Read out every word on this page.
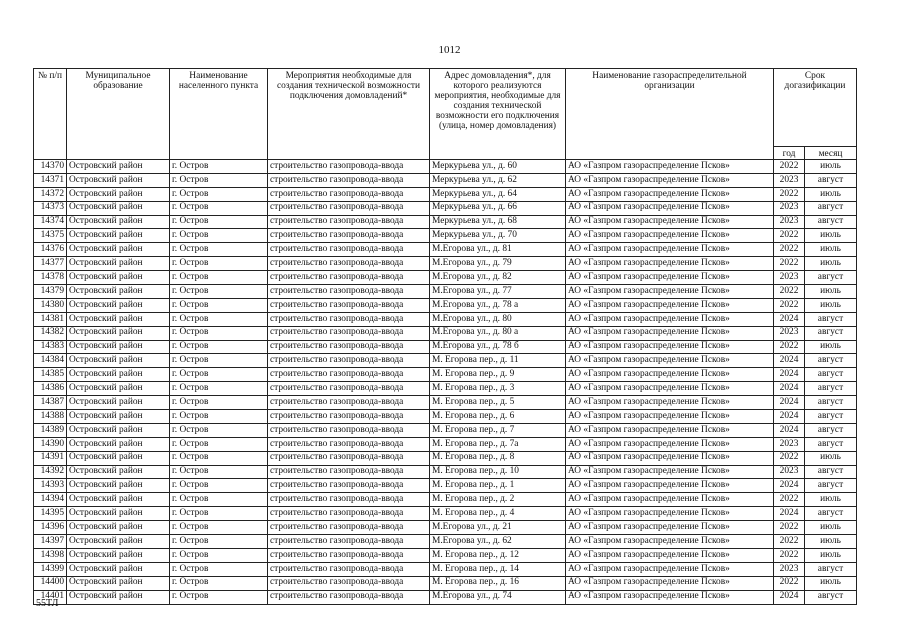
1012
№ п/п	Муниципальное образование	Наименование населенного пункта	Мероприятия необходимые для создания технической возможности подключения домовладений*	Адрес домовладения*, для которого реализуются мероприятия, необходимые для создания технической возможности его подключения (улица, номер домовладения)	Наименование газораспределительной организации	Срок догазификации	
						год	месяц
14370	Островский район	г. Остров	строительство газопровода-ввода	Меркурьева ул., д. 60	АО «Газпром газораспределение Псков»	2022	июль
14371	Островский район	г. Остров	строительство газопровода-ввода	Меркурьева ул., д. 62	АО «Газпром газораспределение Псков»	2023	август
14372	Островский район	г. Остров	строительство газопровода-ввода	Меркурьева ул., д. 64	АО «Газпром газораспределение Псков»	2022	июль
14373	Островский район	г. Остров	строительство газопровода-ввода	Меркурьева ул., д. 66	АО «Газпром газораспределение Псков»	2023	август
14374	Островский район	г. Остров	строительство газопровода-ввода	Меркурьева ул., д. 68	АО «Газпром газораспределение Псков»	2023	август
14375	Островский район	г. Остров	строительство газопровода-ввода	Меркурьева ул., д. 70	АО «Газпром газораспределение Псков»	2022	июль
14376	Островский район	г. Остров	строительство газопровода-ввода	М.Егорова ул., д. 81	АО «Газпром газораспределение Псков»	2022	июль
14377	Островский район	г. Остров	строительство газопровода-ввода	М.Егорова ул., д. 79	АО «Газпром газораспределение Псков»	2022	июль
14378	Островский район	г. Остров	строительство газопровода-ввода	М.Егорова ул., д. 82	АО «Газпром газораспределение Псков»	2023	август
14379	Островский район	г. Остров	строительство газопровода-ввода	М.Егорова ул., д. 77	АО «Газпром газораспределение Псков»	2022	июль
14380	Островский район	г. Остров	строительство газопровода-ввода	М.Егорова ул., д. 78 а	АО «Газпром газораспределение Псков»	2022	июль
14381	Островский район	г. Остров	строительство газопровода-ввода	М.Егорова ул., д. 80	АО «Газпром газораспределение Псков»	2024	август
14382	Островский район	г. Остров	строительство газопровода-ввода	М.Егорова ул., д. 80 а	АО «Газпром газораспределение Псков»	2023	август
14383	Островский район	г. Остров	строительство газопровода-ввода	М.Егорова ул., д. 78 б	АО «Газпром газораспределение Псков»	2022	июль
14384	Островский район	г. Остров	строительство газопровода-ввода	М. Егорова пер., д. 11	АО «Газпром газораспределение Псков»	2024	август
14385	Островский район	г. Остров	строительство газопровода-ввода	М. Егорова пер., д. 9	АО «Газпром газораспределение Псков»	2024	август
14386	Островский район	г. Остров	строительство газопровода-ввода	М. Егорова пер., д. 3	АО «Газпром газораспределение Псков»	2024	август
14387	Островский район	г. Остров	строительство газопровода-ввода	М. Егорова пер., д. 5	АО «Газпром газораспределение Псков»	2024	август
14388	Островский район	г. Остров	строительство газопровода-ввода	М. Егорова пер., д. 6	АО «Газпром газораспределение Псков»	2024	август
14389	Островский район	г. Остров	строительство газопровода-ввода	М. Егорова пер., д. 7	АО «Газпром газораспределение Псков»	2024	август
14390	Островский район	г. Остров	строительство газопровода-ввода	М. Егорова пер., д. 7а	АО «Газпром газораспределение Псков»	2023	август
14391	Островский район	г. Остров	строительство газопровода-ввода	М. Егорова пер., д. 8	АО «Газпром газораспределение Псков»	2022	июль
14392	Островский район	г. Остров	строительство газопровода-ввода	М. Егорова пер., д. 10	АО «Газпром газораспределение Псков»	2023	август
14393	Островский район	г. Остров	строительство газопровода-ввода	М. Егорова пер., д. 1	АО «Газпром газораспределение Псков»	2024	август
14394	Островский район	г. Остров	строительство газопровода-ввода	М. Егорова пер., д. 2	АО «Газпром газораспределение Псков»	2022	июль
14395	Островский район	г. Остров	строительство газопровода-ввода	М. Егорова пер., д. 4	АО «Газпром газораспределение Псков»	2024	август
14396	Островский район	г. Остров	строительство газопровода-ввода	М.Егорова ул., д. 21	АО «Газпром газораспределение Псков»	2022	июль
14397	Островский район	г. Остров	строительство газопровода-ввода	М.Егорова ул., д. 62	АО «Газпром газораспределение Псков»	2022	июль
14398	Островский район	г. Остров	строительство газопровода-ввода	М. Егорова пер., д. 12	АО «Газпром газораспределение Псков»	2022	июль
14399	Островский район	г. Остров	строительство газопровода-ввода	М. Егорова пер., д. 14	АО «Газпром газораспределение Псков»	2023	август
14400	Островский район	г. Остров	строительство газопровода-ввода	М. Егорова пер., д. 16	АО «Газпром газораспределение Псков»	2022	июль
14401	Островский район	г. Остров	строительство газопровода-ввода	М.Егорова ул., д. 74	АО «Газпром газораспределение Псков»	2024	август
55ТЛ
